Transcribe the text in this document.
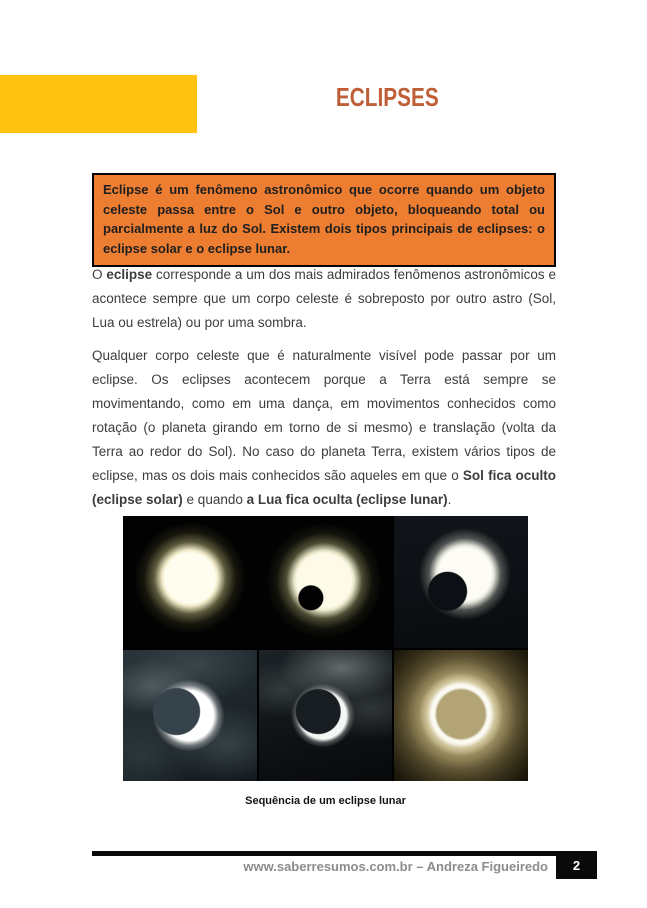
ECLIPSES

Eclipse é um fenômeno astronômico que ocorre quando um objeto celeste passa entre o Sol e outro objeto, bloqueando total ou parcialmente a luz do Sol. Existem dois tipos principais de eclipses: o eclipse solar e o eclipse lunar.

O eclipse corresponde a um dos mais admirados fenômenos astronômicos e acontece sempre que um corpo celeste é sobreposto por outro astro (Sol, Lua ou estrela) ou por uma sombra.

Qualquer corpo celeste que é naturalmente visível pode passar por um eclipse. Os eclipses acontecem porque a Terra está sempre se movimentando, como em uma dança, em movimentos conhecidos como rotação (o planeta girando em torno de si mesmo) e translação (volta da Terra ao redor do Sol). No caso do planeta Terra, existem vários tipos de eclipse, mas os dois mais conhecidos são aqueles em que o Sol fica oculto (eclipse solar) e quando a Lua fica oculta (eclipse lunar).

Sequência de um eclipse lunar

www.saberresumos.com.br – Andreza Figueiredo 2
